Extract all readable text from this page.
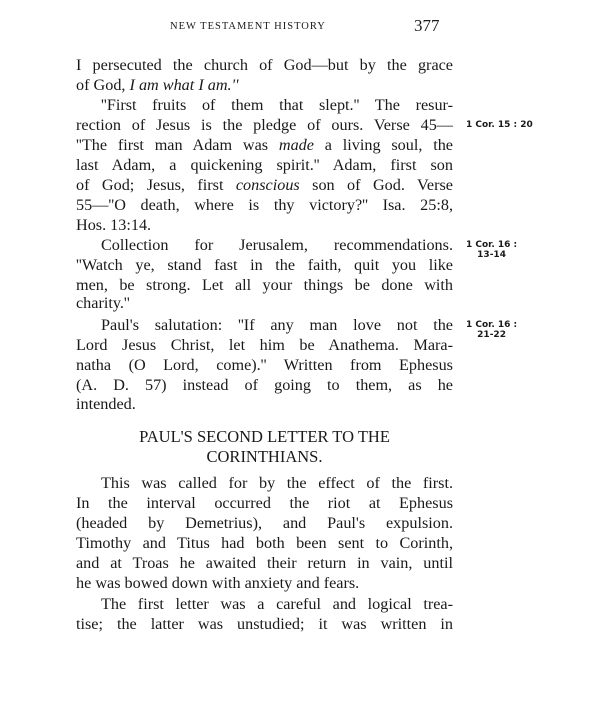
NEW TESTAMENT HISTORY	377
I persecuted the church of God—but by the grace
of God, I am what I am.''
''First fruits of them that slept.'' The resur-
rection of Jesus is the pledge of ours. Verse 45—
''The first man Adam was made a living soul, the
last Adam, a quickening spirit.'' Adam, first son
of God; Jesus, first conscious son of God. Verse
55—''O death, where is thy victory?'' Isa. 25:8,
Hos. 13:14.
Collection for Jerusalem, recommendations.
''Watch ye, stand fast in the faith, quit you like
men, be strong. Let all your things be done with
charity.''
Paul's salutation: ''If any man love not the
Lord Jesus Christ, let him be Anathema. Mara-
natha (O Lord, come).'' Written from Ephesus
(A. D. 57) instead of going to them, as he
intended.
PAUL'S SECOND LETTER TO THE
CORINTHIANS.
This was called for by the effect of the first.
In the interval occurred the riot at Ephesus
(headed by Demetrius), and Paul's expulsion.
Timothy and Titus had both been sent to Corinth,
and at Troas he awaited their return in vain, until
he was bowed down with anxiety and fears.
The first letter was a careful and logical trea-
tise; the latter was unstudied; it was written in
1 Cor. 15 : 20
1 Cor. 16 :
13-14
1 Cor. 16 :
21-22
